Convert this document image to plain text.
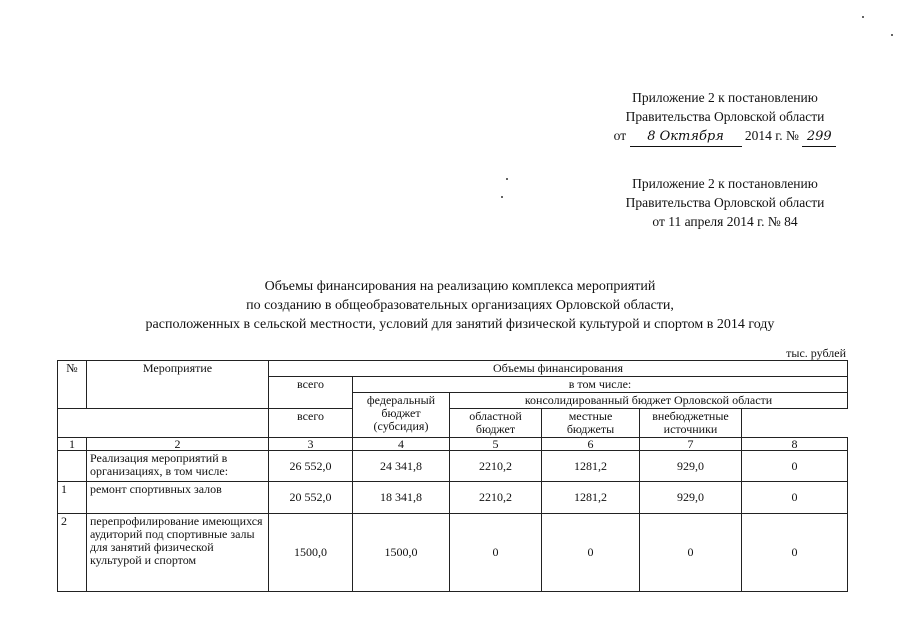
Приложение 2 к постановлению
Правительства Орловской области
от 8 Октября 2014 г. № 299
Приложение 2 к постановлению
Правительства Орловской области
от 11 апреля 2014 г. № 84
Объемы финансирования на реализацию комплекса мероприятий
по созданию в общеобразовательных организациях Орловской области,
расположенных в сельской местности, условий для занятий физической культурой и спортом в 2014 году
тыс. рублей
№	Мероприятие	Объемы финансирования					
		всего	в том числе:				
			федеральный бюджет (субсидия)	консолидированный бюджет Орловской области			
		всего		областной бюджет	местные бюджеты	внебюджетные источники	
1	2	3	4	5	6	7	8
	Реализация мероприятий в организациях, в том числе:	26 552,0	24 341,8	2210,2	1281,2	929,0	0
1	ремонт спортивных залов	20 552,0	18 341,8	2210,2	1281,2	929,0	0
2	перепрофилирование имеющихся аудиторий под спортивные залы для занятий физической культурой и спортом	1500,0	1500,0	0	0	0	0
